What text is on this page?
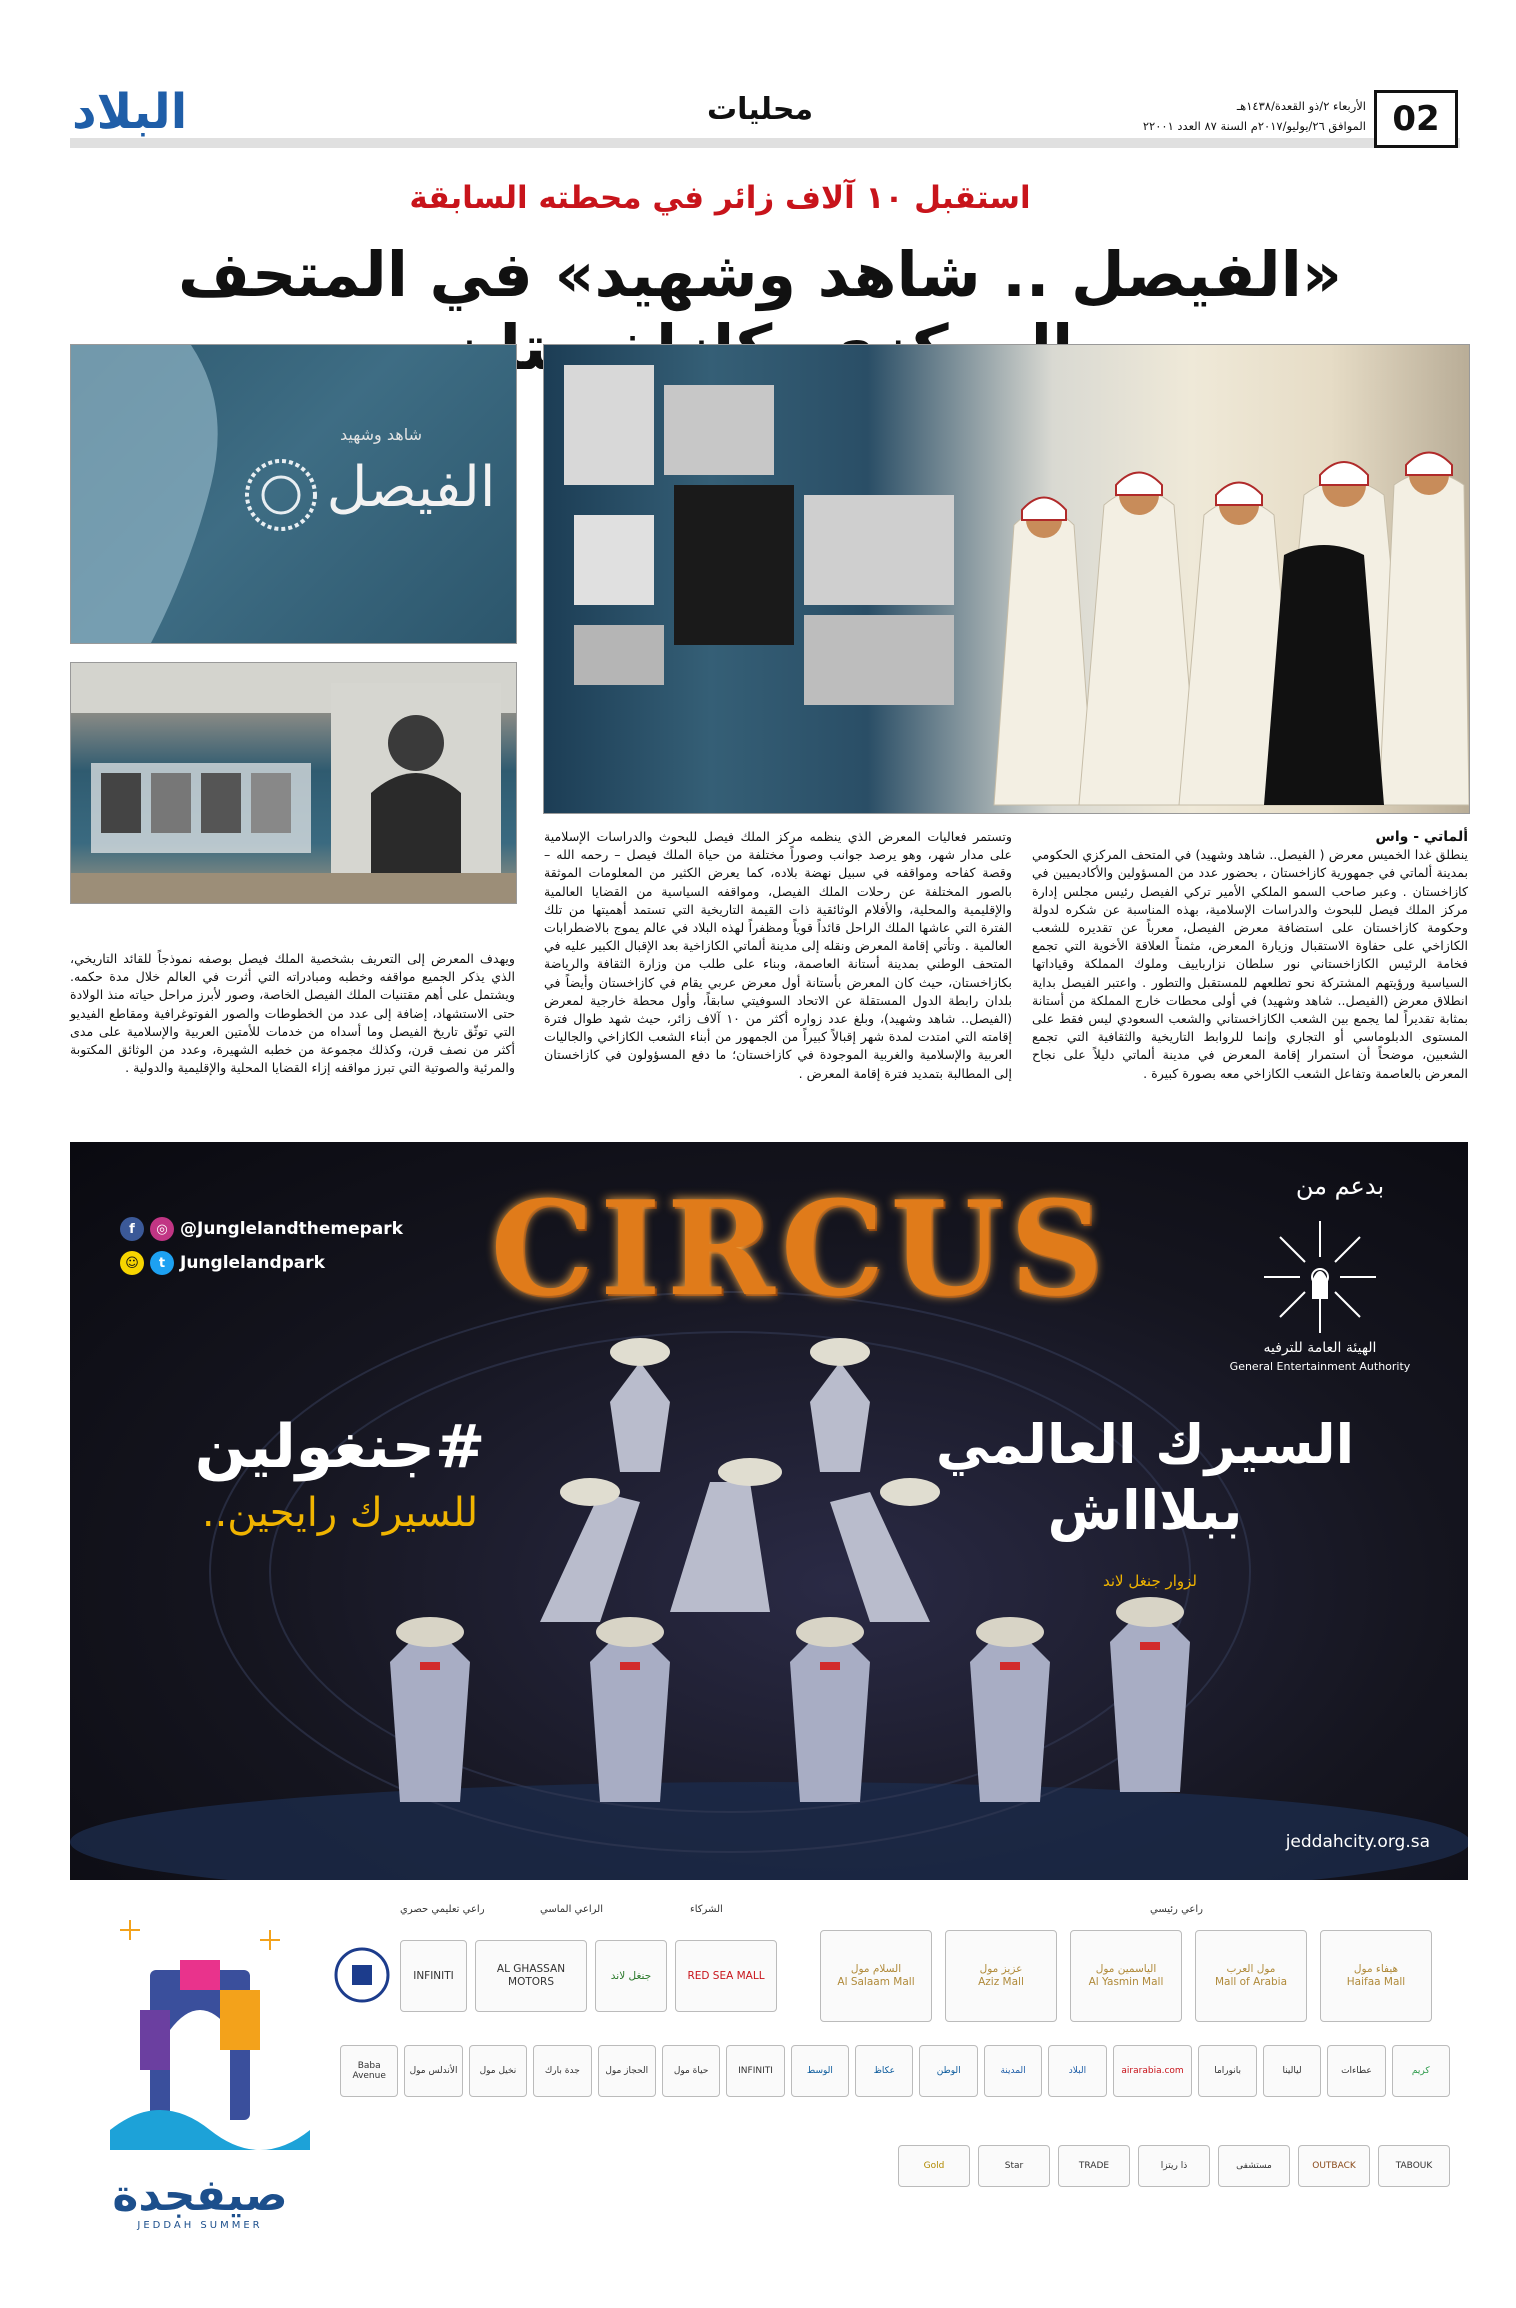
02
الأربعاء ٢/ذو القعدة/١٤٣٨هـ
الموافق ٢٦/يوليو/٢٠١٧م السنة ٨٧ العدد ٢٢٠٠١
محليات
البلاد
استقبل ١٠ آلاف زائر في محطته السابقة
«الفيصل .. شاهد وشهيد» في المتحف
الفيصل
شاهد وشهيد
ألماتي - واس
ينطلق غدا الخميس معرض ( الفيصل.. شاهد وشهيد) في المتحف المركزي الحكومي بمدينة ألماتي في جمهورية كازاخستان ، بحضور عدد من المسؤولين والأكاديميين في كازاخستان . وعبر صاحب السمو الملكي الأمير تركي الفيصل رئيس مجلس إدارة مركز الملك فيصل للبحوث والدراسات الإسلامية، بهذه المناسبة عن شكره لدولة وحكومة كازاخستان على استضافة معرض الفيصل، معرباً عن تقديره للشعب الكازاخي على حفاوة الاستقبال وزيارة المعرض، مثمناً العلاقة الأخوية التي تجمع فخامة الرئيس الكازاخستاني نور سلطان نزارباييف وملوك المملكة وقياداتها السياسية ورؤيتهم المشتركة نحو تطلعهم للمستقبل والتطور . واعتبر الفيصل بداية انطلاق معرض (الفيصل.. شاهد وشهيد) في أولى محطات خارج المملكة من أستانة بمثابة تقديراً لما يجمع بين الشعب الكازاخستاني والشعب السعودي ليس فقط على المستوى الدبلوماسي أو التجاري وإنما للروابط التاريخية والثقافية التي تجمع الشعبين، موضحاً أن استمرار إقامة المعرض في مدينة ألماتي دليلاً على نجاح المعرض بالعاصمة وتفاعل الشعب الكازاخي معه بصورة كبيرة .
وتستمر فعاليات المعرض الذي ينظمه مركز الملك فيصل للبحوث والدراسات الإسلامية على مدار شهر، وهو يرصد جوانب وصوراً مختلفة من حياة الملك فيصل – رحمه الله – وقصة كفاحه ومواقفه في سبيل نهضة بلاده، كما يعرض الكثير من المعلومات الموثقة بالصور المختلفة عن رحلات الملك الفيصل، ومواقفه السياسية من القضايا العالمية والإقليمية والمحلية، والأفلام الوثائقية ذات القيمة التاريخية التي تستمد أهميتها من تلك الفترة التي عاشها الملك الراحل قائداً قوياً ومظفراً لهذه البلاد في عالم يموج بالاضطرابات العالمية . وتأتي إقامة المعرض ونقله إلى مدينة ألماتي الكازاخية بعد الإقبال الكبير عليه في المتحف الوطني بمدينة أستانة العاصمة، وبناء على طلب من وزارة الثقافة والرياضة بكازاخستان، حيث كان المعرض بأستانة أول معرض عربي يقام في كازاخستان وأيضاً في بلدان رابطة الدول المستقلة عن الاتحاد السوفيتي سابقاً، وأول محطة خارجية لمعرض (الفيصل.. شاهد وشهيد)، وبلغ عدد زواره أكثر من ١٠ آلاف زائر، حيث شهد طوال فترة إقامته التي امتدت لمدة شهر إقبالاً كبيراً من الجمهور من أبناء الشعب الكازاخي والجاليات العربية والإسلامية والغربية الموجودة في كازاخستان؛ ما دفع المسؤولون في كازاخستان إلى المطالبة بتمديد فترة إقامة المعرض .
ويهدف المعرض إلى التعريف بشخصية الملك فيصل بوصفه نموذجاً للقائد التاريخي، الذي يذكر الجميع مواقفه وخطبه ومبادراته التي أثرت في العالم خلال مدة حكمه. ويشتمل على أهم مقتنيات الملك الفيصل الخاصة، وصور لأبرز مراحل حياته منذ الولادة حتى الاستشهاد، إضافة إلى عدد من الخطوطات والصور الفوتوغرافية ومقاطع الفيديو التي توثّق تاريخ الفيصل وما أسداه من خدمات للأمتين العربية والإسلامية على مدى أكثر من نصف قرن، وكذلك مجموعة من خطبه الشهيرة، وعدد من الوثائق المكتوبة والمرئية والصوتية التي تبرز مواقفه إزاء القضايا المحلية والإقليمية والدولية .
CIRCUS
f	◎ @Junglelandthemepark
☺	t Junglelandpark
#جنغولين
للسيرك رايحين..
السيرك العالمي
ببلاااش
لزوار جنغل لاند
بدعم من
الهيئة العامة للترفيه
General Entertainment Authority
jeddahcity.org.sa
صيفجدة
JEDDAH SUMMER
راعي رئيسي
الشركاء
الراعي الماسي
راعي تعليمي حصري
هيفاء مول
Haifaa Mall
مول العرب
Mall of Arabia
الياسمين مول
Al Yasmin Mall
عزيز مول
Aziz Mall
السلام مول
Al Salaam Mall
RED SEA MALL
جنغل لاند
AL GHASSAN MOTORS
INFINITI
كريم
عطاءات
ليالينا
بانوراما
airarabia.com
البلاد
المدينة
الوطن
عكاظ
الوسط
INFINITI
حياة مول
الحجاز مول
جدة بارك
نخيل مول
الأندلس مول
Baba Avenue
TABOUK
OUTBACK
مستشفى
ذا ريتزا
TRADE
Star
Gold
